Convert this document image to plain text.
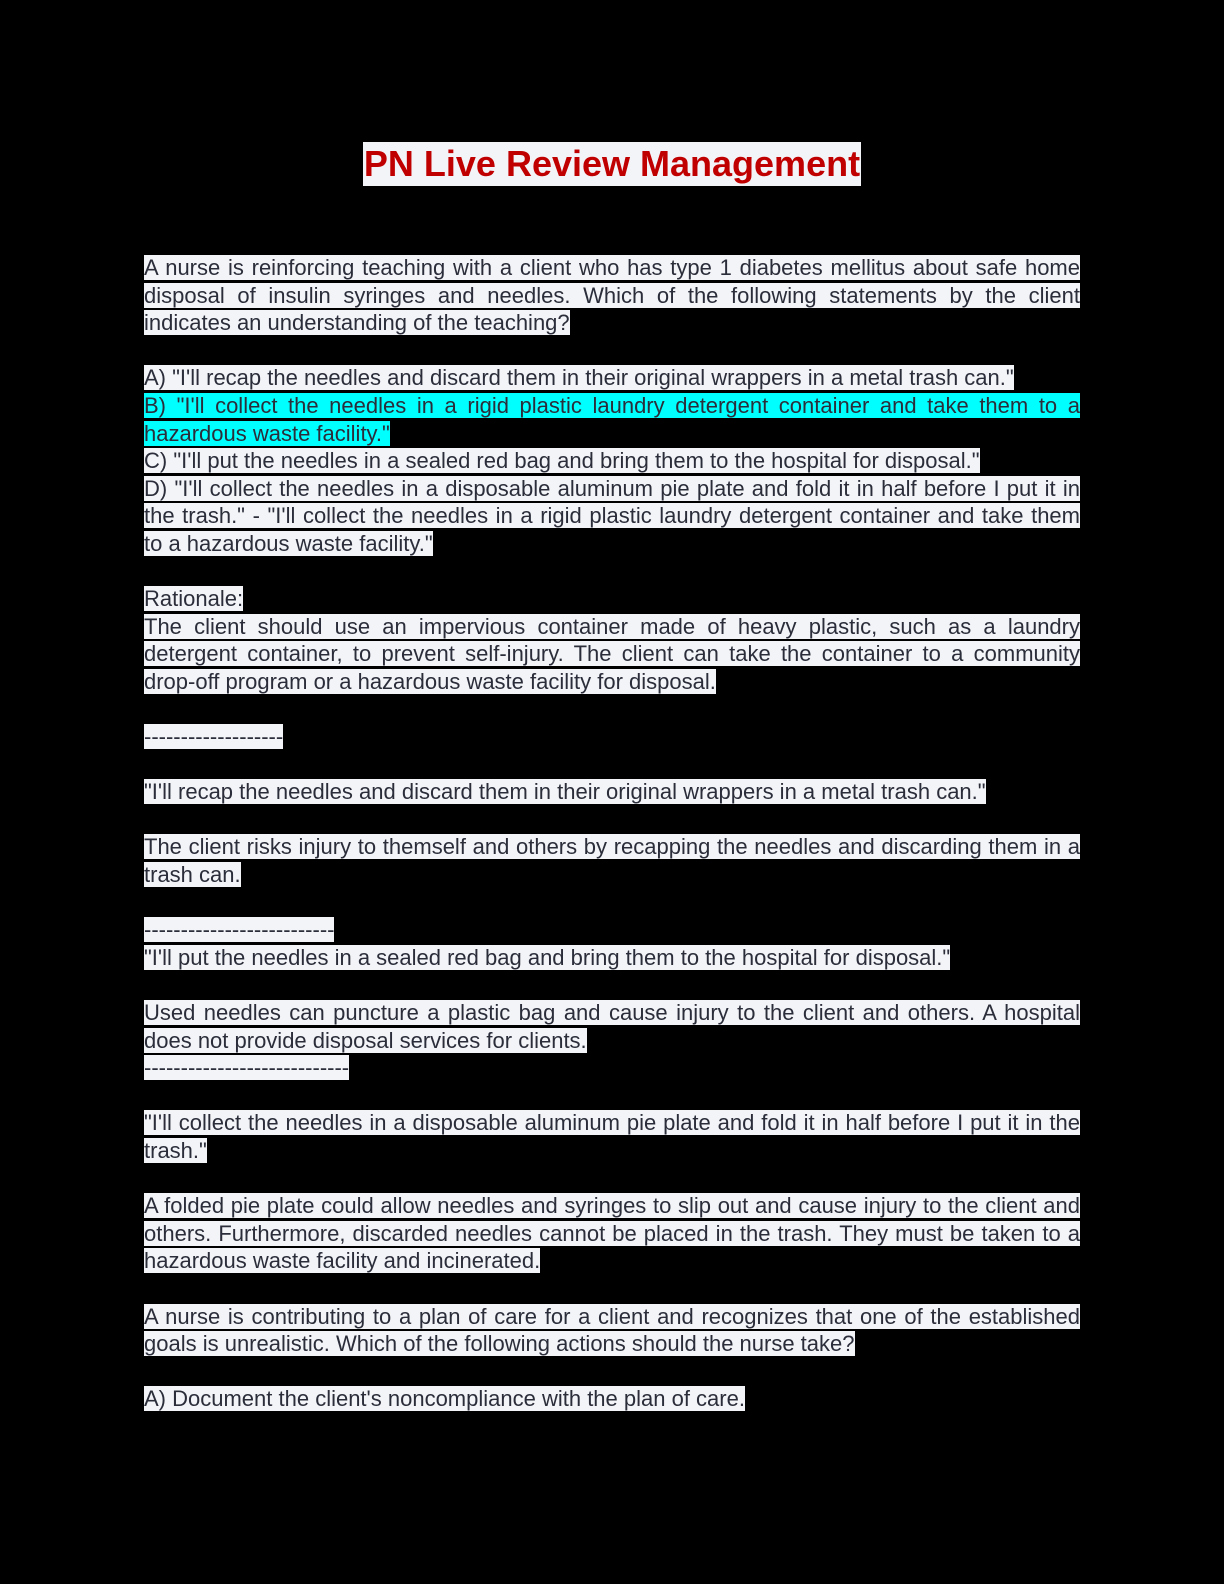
PN Live Review Management

A nurse is reinforcing teaching with a client who has type 1 diabetes mellitus about safe home disposal of insulin syringes and needles. Which of the following statements by the client indicates an understanding of the teaching?

A) "I'll recap the needles and discard them in their original wrappers in a metal trash can."

B) "I'll collect the needles in a rigid plastic laundry detergent container and take them to a hazardous waste facility."

C) "I'll put the needles in a sealed red bag and bring them to the hospital for disposal."

D) "I'll collect the needles in a disposable aluminum pie plate and fold it in half before I put it in the trash." - "I'll collect the needles in a rigid plastic laundry detergent container and take them to a hazardous waste facility."

Rationale:

The client should use an impervious container made of heavy plastic, such as a laundry detergent container, to prevent self-injury. The client can take the container to a community drop-off program or a hazardous waste facility for disposal.

-------------------

"I'll recap the needles and discard them in their original wrappers in a metal trash can."

The client risks injury to themself and others by recapping the needles and discarding them in a trash can.

--------------------------

"I'll put the needles in a sealed red bag and bring them to the hospital for disposal."

Used needles can puncture a plastic bag and cause injury to the client and others. A hospital does not provide disposal services for clients.

----------------------------

"I'll collect the needles in a disposable aluminum pie plate and fold it in half before I put it in the trash."

A folded pie plate could allow needles and syringes to slip out and cause injury to the client and others. Furthermore, discarded needles cannot be placed in the trash. They must be taken to a hazardous waste facility and incinerated.

A nurse is contributing to a plan of care for a client and recognizes that one of the established goals is unrealistic. Which of the following actions should the nurse take?

A) Document the client's noncompliance with the plan of care.
